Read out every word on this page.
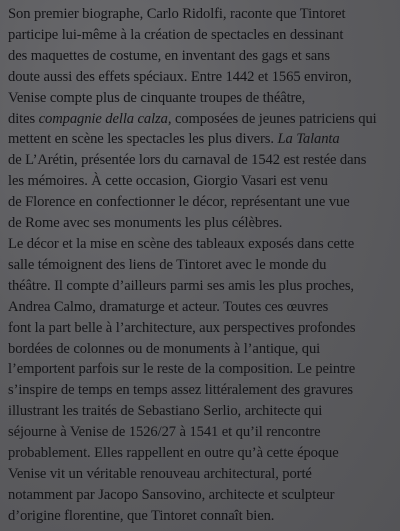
Son premier biographe, Carlo Ridolfi, raconte que Tintoret
participe lui-même à la création de spectacles en dessinant
des maquettes de costume, en inventant des gags et sans
doute aussi des effets spéciaux. Entre 1442 et 1565 environ,
Venise compte plus de cinquante troupes de théâtre,
dites compagnie della calza, composées de jeunes patriciens qui
mettent en scène les spectacles les plus divers. La Talanta
de L’Arétin, présentée lors du carnaval de 1542 est restée dans
les mémoires. À cette occasion, Giorgio Vasari est venu
de Florence en confectionner le décor, représentant une vue
de Rome avec ses monuments les plus célèbres.
Le décor et la mise en scène des tableaux exposés dans cette
salle témoignent des liens de Tintoret avec le monde du
théâtre. Il compte d’ailleurs parmi ses amis les plus proches,
Andrea Calmo, dramaturge et acteur. Toutes ces œuvres
font la part belle à l’architecture, aux perspectives profondes
bordées de colonnes ou de monuments à l’antique, qui
l’emportent parfois sur le reste de la composition. Le peintre
s’inspire de temps en temps assez littéralement des gravures
illustrant les traités de Sebastiano Serlio, architecte qui
séjourne à Venise de 1526/27 à 1541 et qu’il rencontre
probablement. Elles rappellent en outre qu’à cette époque
Venise vit un véritable renouveau architectural, porté
notamment par Jacopo Sansovino, architecte et sculpteur
d’origine florentine, que Tintoret connaît bien.
